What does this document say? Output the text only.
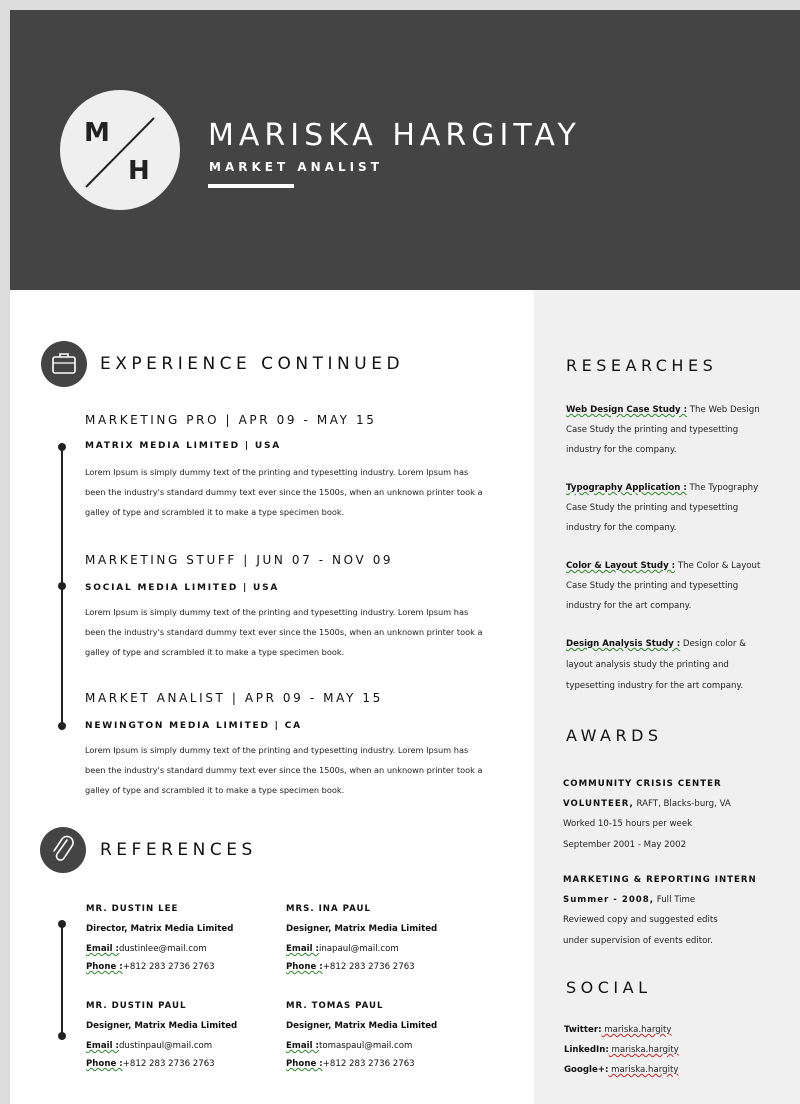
M
H
MARISKA HARGITAY
MARKET ANALIST
EXPERIENCE CONTINUED
MARKETING PRO | APR 09 - MAY 15
MATRIX MEDIA LIMITED | USA
Lorem Ipsum is simply dummy text of the printing and typesetting industry. Lorem Ipsum has
been the industry's standard dummy text ever since the 1500s, when an unknown printer took a
galley of type and scrambled it to make a type specimen book.
MARKETING STUFF | JUN 07 - NOV 09
SOCIAL MEDIA LIMITED | USA
Lorem Ipsum is simply dummy text of the printing and typesetting industry. Lorem Ipsum has
been the industry's standard dummy text ever since the 1500s, when an unknown printer took a
galley of type and scrambled it to make a type specimen book.
MARKET ANALIST | APR 09 - MAY 15
NEWINGTON MEDIA LIMITED | CA
Lorem Ipsum is simply dummy text of the printing and typesetting industry. Lorem Ipsum has
been the industry's standard dummy text ever since the 1500s, when an unknown printer took a
galley of type and scrambled it to make a type specimen book.
REFERENCES
MR. DUSTIN LEE
Director, Matrix Media Limited
Email :dustinlee@mail.com
Phone :+812 283 2736 2763
MRS. INA PAUL
Designer, Matrix Media Limited
Email :inapaul@mail.com
Phone :+812 283 2736 2763
MR. DUSTIN PAUL
Designer, Matrix Media Limited
Email :dustinpaul@mail.com
Phone :+812 283 2736 2763
MR. TOMAS PAUL
Designer, Matrix Media Limited
Email :tomaspaul@mail.com
Phone :+812 283 2736 2763
RESEARCHES
Web Design Case Study : The Web Design
Case Study the printing and typesetting
industry for the company.
Typography Application : The Typography
Case Study the printing and typesetting
industry for the company.
Color & Layout Study : The Color & Layout
Case Study the printing and typesetting
industry for the art company.
Design Analysis Study : Design color &
layout analysis study the printing and
typesetting industry for the art company.
AWARDS
COMMUNITY CRISIS CENTER
VOLUNTEER, RAFT, Blacks-burg, VA
Worked 10-15 hours per week
September 2001 - May 2002
MARKETING & REPORTING INTERN
Summer - 2008, Full Time
Reviewed copy and suggested edits
under supervision of events editor.
SOCIAL
Twitter: mariska.hargity
LinkedIn: mariska.hargity
Google+: mariska.hargity
